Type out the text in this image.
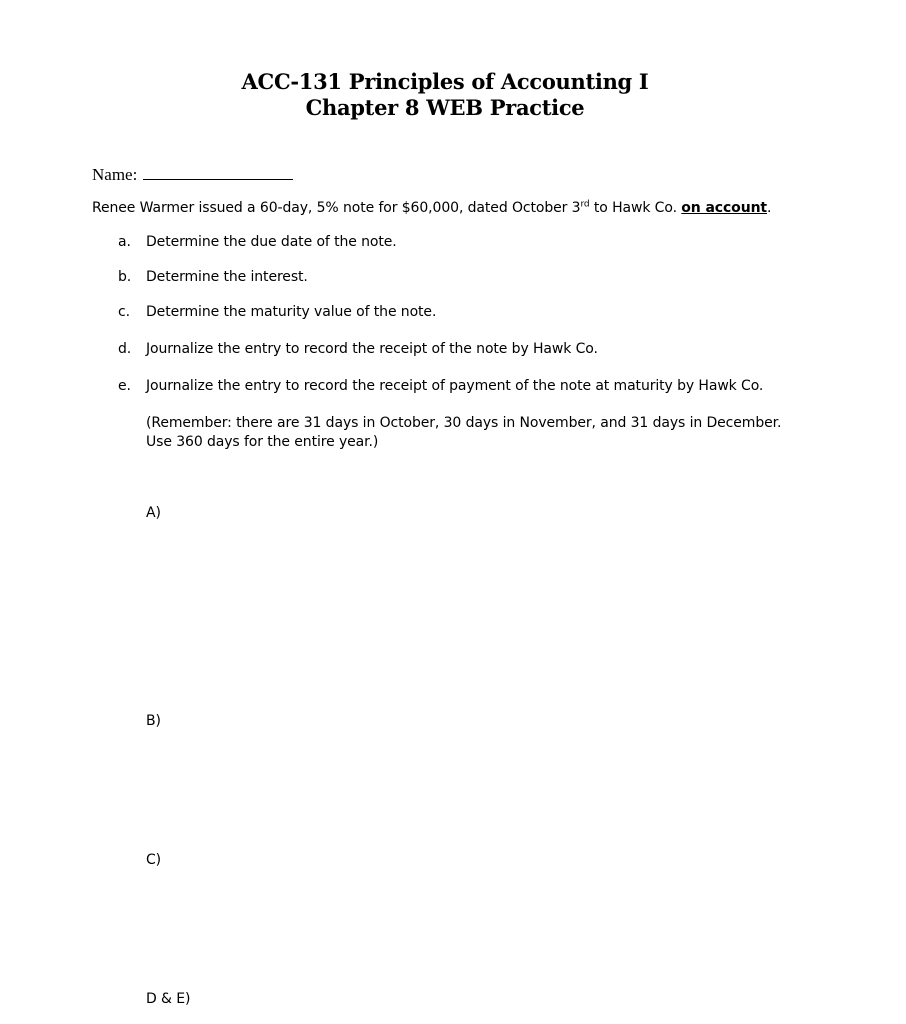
ACC-131 Principles of Accounting I
Chapter 8 WEB Practice
Name:
Renee Warmer issued a 60-day, 5% note for $60,000, dated October 3rd to Hawk Co. on account.
a. Determine the due date of the note.
b. Determine the interest.
c. Determine the maturity value of the note.
d. Journalize the entry to record the receipt of the note by Hawk Co.
e. Journalize the entry to record the receipt of payment of the note at maturity by Hawk Co.
(Remember: there are 31 days in October, 30 days in November, and 31 days in December. Use 360 days for the entire year.)
A)
B)
C)
D & E)
